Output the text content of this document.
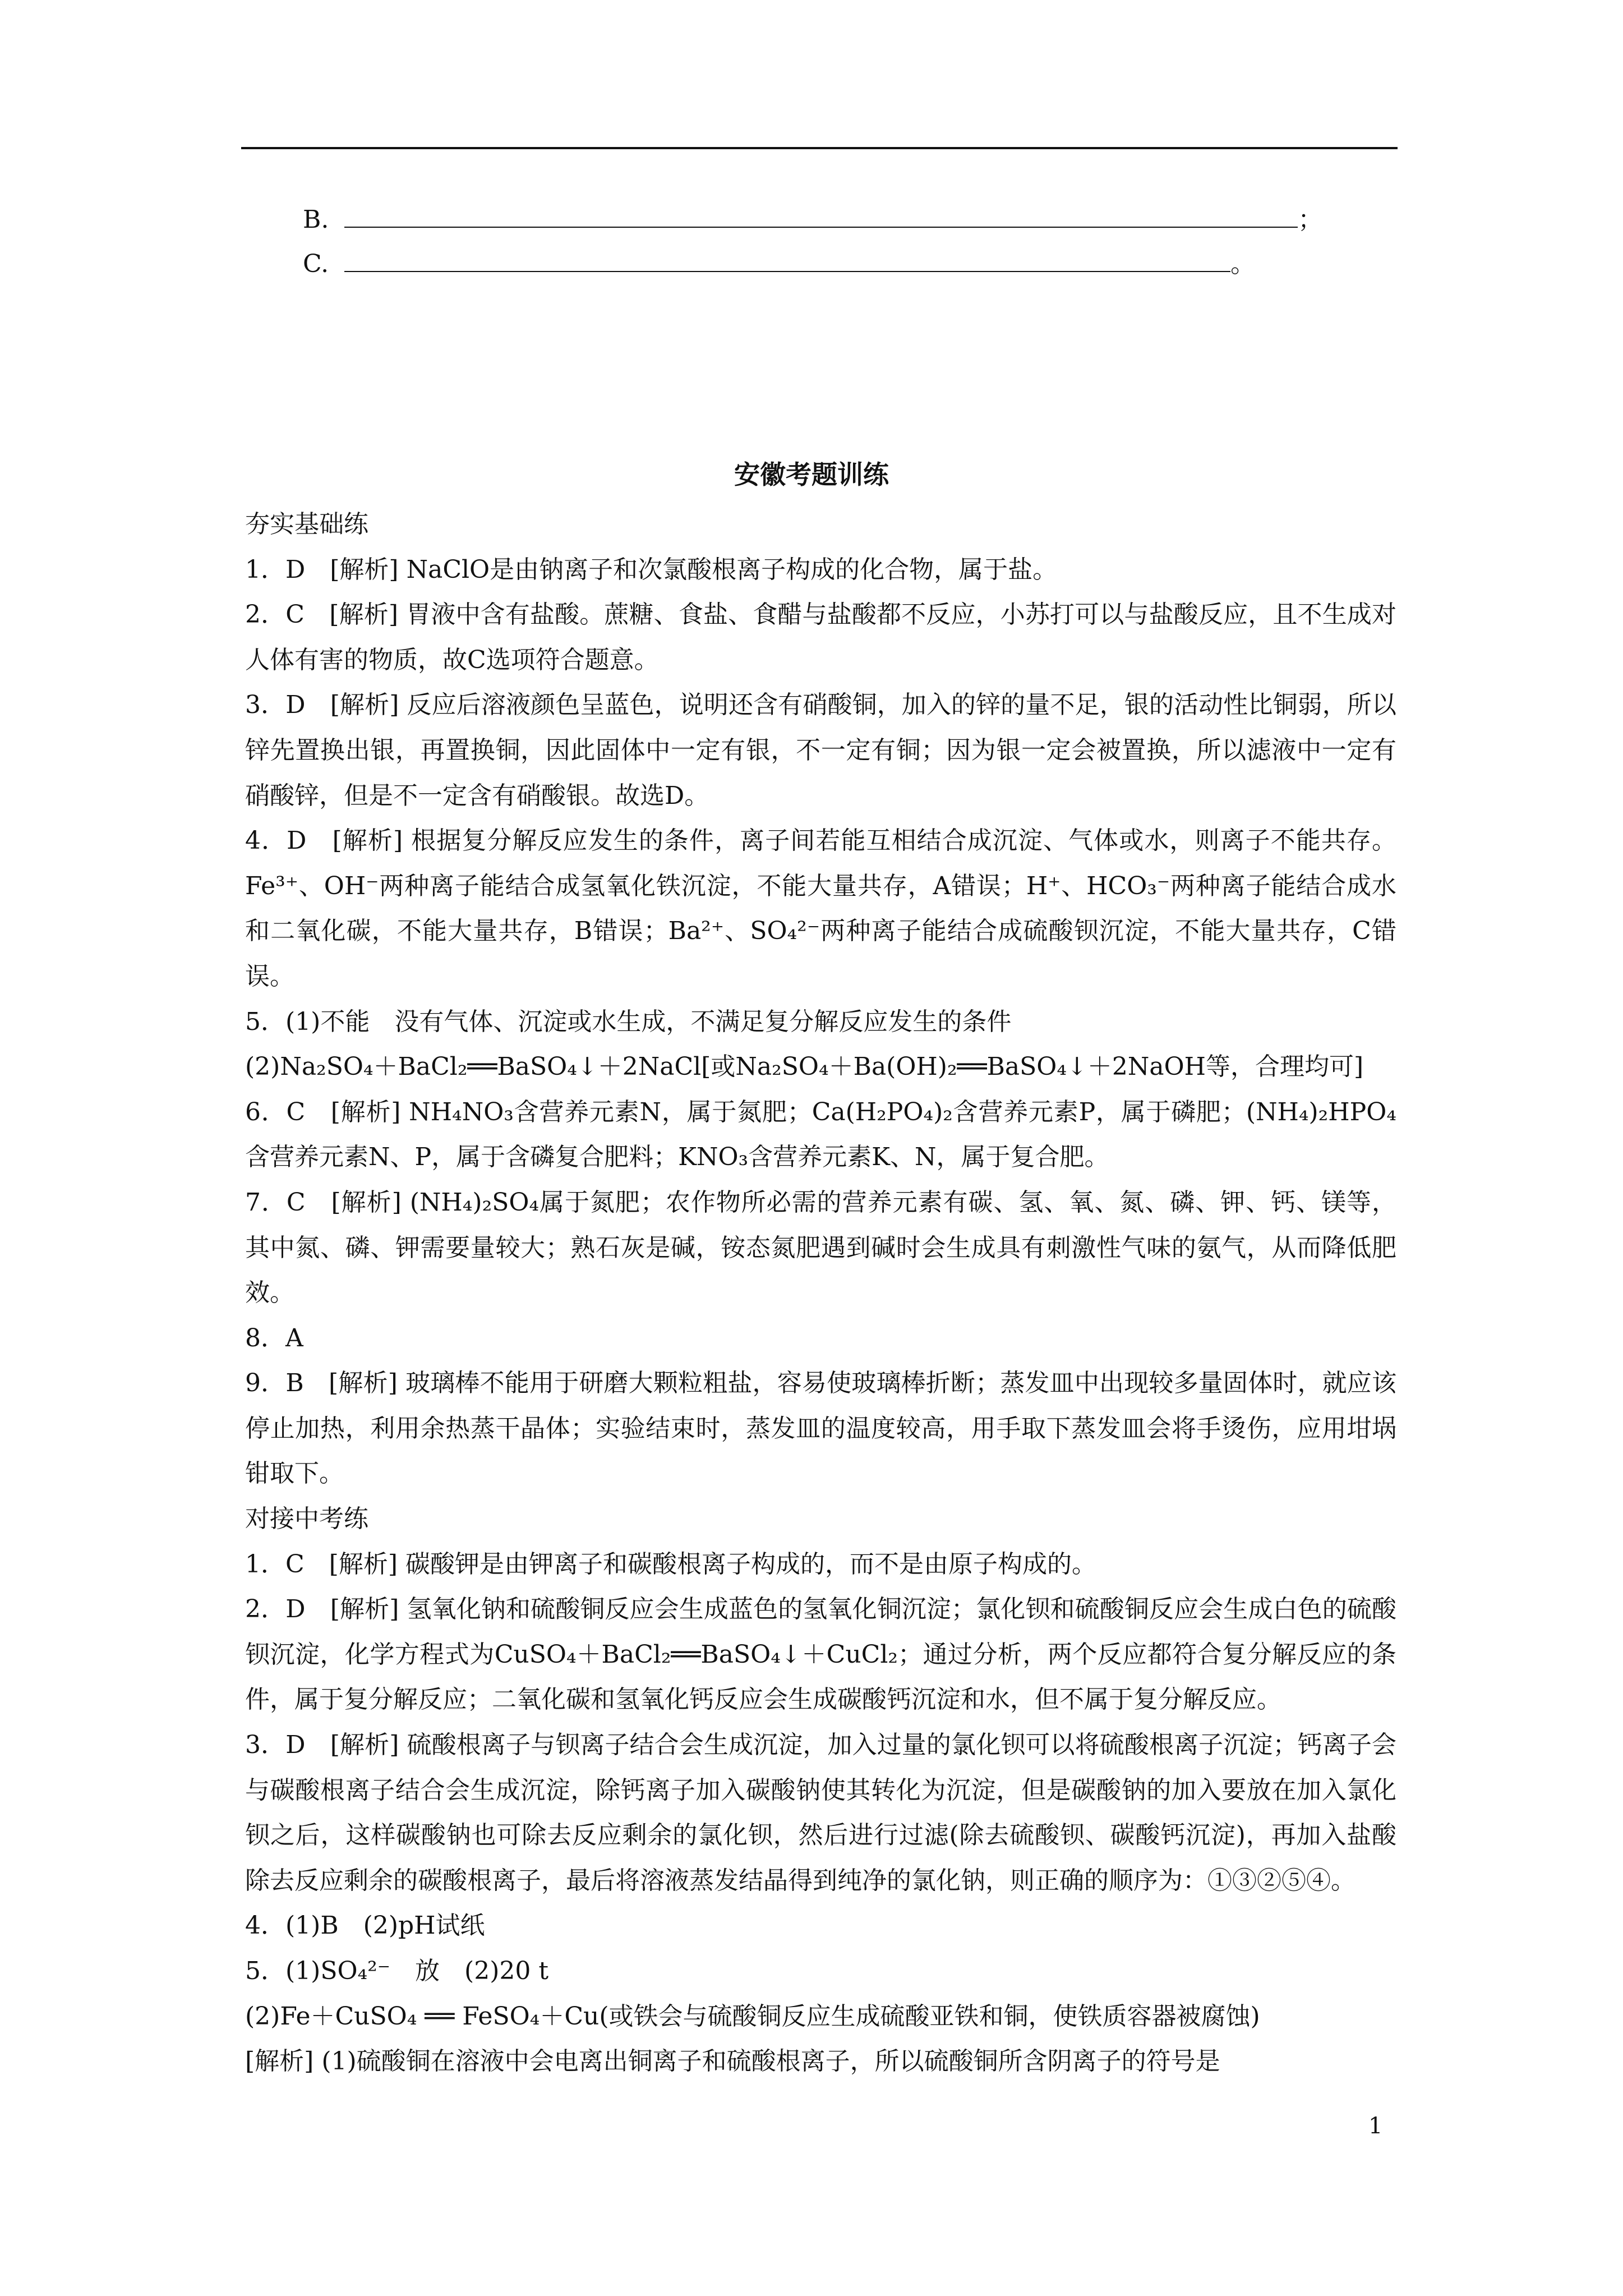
B.	；
C.	。
安徽考题训练

夯实基础练

1．D　[解析] NaClO是由钠离子和次氯酸根离子构成的化合物，属于盐。

2．C　[解析] 胃液中含有盐酸。蔗糖、食盐、食醋与盐酸都不反应，小苏打可以与盐酸反应，且不生成对人体有害的物质，故C选项符合题意。

3．D　[解析] 反应后溶液颜色呈蓝色，说明还含有硝酸铜，加入的锌的量不足，银的活动性比铜弱，所以锌先置换出银，再置换铜，因此固体中一定有银，不一定有铜；因为银一定会被置换，所以滤液中一定有硝酸锌，但是不一定含有硝酸银。故选D。

4．D　[解析] 根据复分解反应发生的条件，离子间若能互相结合成沉淀、气体或水，则离子不能共存。Fe³⁺、OH⁻两种离子能结合成氢氧化铁沉淀，不能大量共存，A错误；H⁺、HCO₃⁻两种离子能结合成水和二氧化碳，不能大量共存，B错误；Ba²⁺、SO₄²⁻两种离子能结合成硫酸钡沉淀，不能大量共存，C错误。

5．(1)不能　没有气体、沉淀或水生成，不满足复分解反应发生的条件

(2)Na₂SO₄＋BaCl₂══BaSO₄↓＋2NaCl[或Na₂SO₄＋Ba(OH)₂══BaSO₄↓＋2NaOH等，合理均可]

6．C　[解析] NH₄NO₃含营养元素N，属于氮肥；Ca(H₂PO₄)₂含营养元素P，属于磷肥；(NH₄)₂HPO₄含营养元素N、P，属于含磷复合肥料；KNO₃含营养元素K、N，属于复合肥。

7．C　[解析] (NH₄)₂SO₄属于氮肥；农作物所必需的营养元素有碳、氢、氧、氮、磷、钾、钙、镁等，其中氮、磷、钾需要量较大；熟石灰是碱，铵态氮肥遇到碱时会生成具有刺激性气味的氨气，从而降低肥效。

8．A

9．B　[解析] 玻璃棒不能用于研磨大颗粒粗盐，容易使玻璃棒折断；蒸发皿中出现较多量固体时，就应该停止加热，利用余热蒸干晶体；实验结束时，蒸发皿的温度较高，用手取下蒸发皿会将手烫伤，应用坩埚钳取下。

对接中考练

1．C　[解析] 碳酸钾是由钾离子和碳酸根离子构成的，而不是由原子构成的。

2．D　[解析] 氢氧化钠和硫酸铜反应会生成蓝色的氢氧化铜沉淀；氯化钡和硫酸铜反应会生成白色的硫酸钡沉淀，化学方程式为CuSO₄＋BaCl₂══BaSO₄↓＋CuCl₂；通过分析，两个反应都符合复分解反应的条件，属于复分解反应；二氧化碳和氢氧化钙反应会生成碳酸钙沉淀和水，但不属于复分解反应。

3．D　[解析] 硫酸根离子与钡离子结合会生成沉淀，加入过量的氯化钡可以将硫酸根离子沉淀；钙离子会与碳酸根离子结合会生成沉淀，除钙离子加入碳酸钠使其转化为沉淀，但是碳酸钠的加入要放在加入氯化钡之后，这样碳酸钠也可除去反应剩余的氯化钡，然后进行过滤(除去硫酸钡、碳酸钙沉淀)，再加入盐酸除去反应剩余的碳酸根离子，最后将溶液蒸发结晶得到纯净的氯化钠，则正确的顺序为：①③②⑤④。

4．(1)B　(2)pH试纸

5．(1)SO₄²⁻　放　(2)20 t

(2)Fe＋CuSO₄ ══ FeSO₄＋Cu(或铁会与硫酸铜反应生成硫酸亚铁和铜，使铁质容器被腐蚀)

[解析] (1)硫酸铜在溶液中会电离出铜离子和硫酸根离子，所以硫酸铜所含阴离子的符号是

1
